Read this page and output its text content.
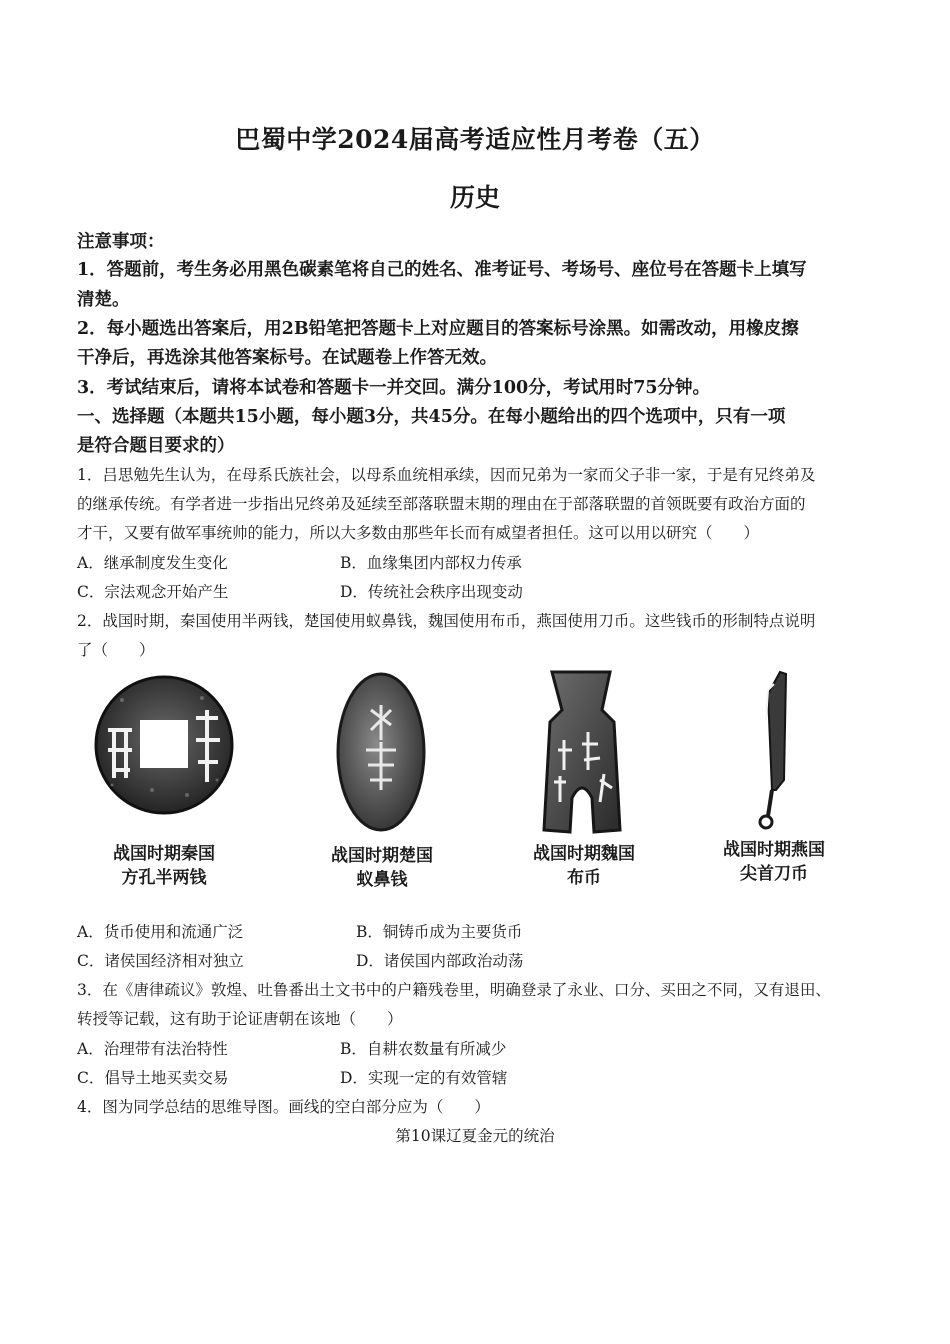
巴蜀中学2024届高考适应性月考卷（五）
历史
注意事项：
1．答题前，考生务必用黑色碳素笔将自己的姓名、准考证号、考场号、座位号在答题卡上填写
清楚。
2．每小题选出答案后，用2B铅笔把答题卡上对应题目的答案标号涂黑。如需改动，用橡皮擦
干净后，再选涂其他答案标号。在试题卷上作答无效。
3．考试结束后，请将本试卷和答题卡一并交回。满分100分，考试用时75分钟。
一、选择题（本题共15小题，每小题3分，共45分。在每小题给出的四个选项中，只有一项
是符合题目要求的）
1．吕思勉先生认为，在母系氏族社会，以母系血统相承续，因而兄弟为一家而父子非一家，于是有兄终弟及
的继承传统。有学者进一步指出兄终弟及延续至部落联盟末期的理由在于部落联盟的首领既要有政治方面的
才干，又要有做军事统帅的能力，所以大多数由那些年长而有威望者担任。这可以用以研究（　　）
A．继承制度发生变化	B．血缘集团内部权力传承
C．宗法观念开始产生	D．传统社会秩序出现变动
2．战国时期，秦国使用半两钱，楚国使用蚁鼻钱，魏国使用布币，燕国使用刀币。这些钱币的形制特点说明
了（　　）
战国时期秦国
方孔半两钱
战国时期楚国
蚁鼻钱
战国时期魏国
布币
战国时期燕国
尖首刀币
A．货币使用和流通广泛	B．铜铸币成为主要货币
C．诸侯国经济相对独立	D．诸侯国内部政治动荡
3．在《唐律疏议》敦煌、吐鲁番出土文书中的户籍残卷里，明确登录了永业、口分、买田之不同，又有退田、
转授等记载，这有助于论证唐朝在该地（　　）
A．治理带有法治特性	B．自耕农数量有所减少
C．倡导土地买卖交易	D．实现一定的有效管辖
4．图为同学总结的思维导图。画线的空白部分应为（　　）
第10课辽夏金元的统治
